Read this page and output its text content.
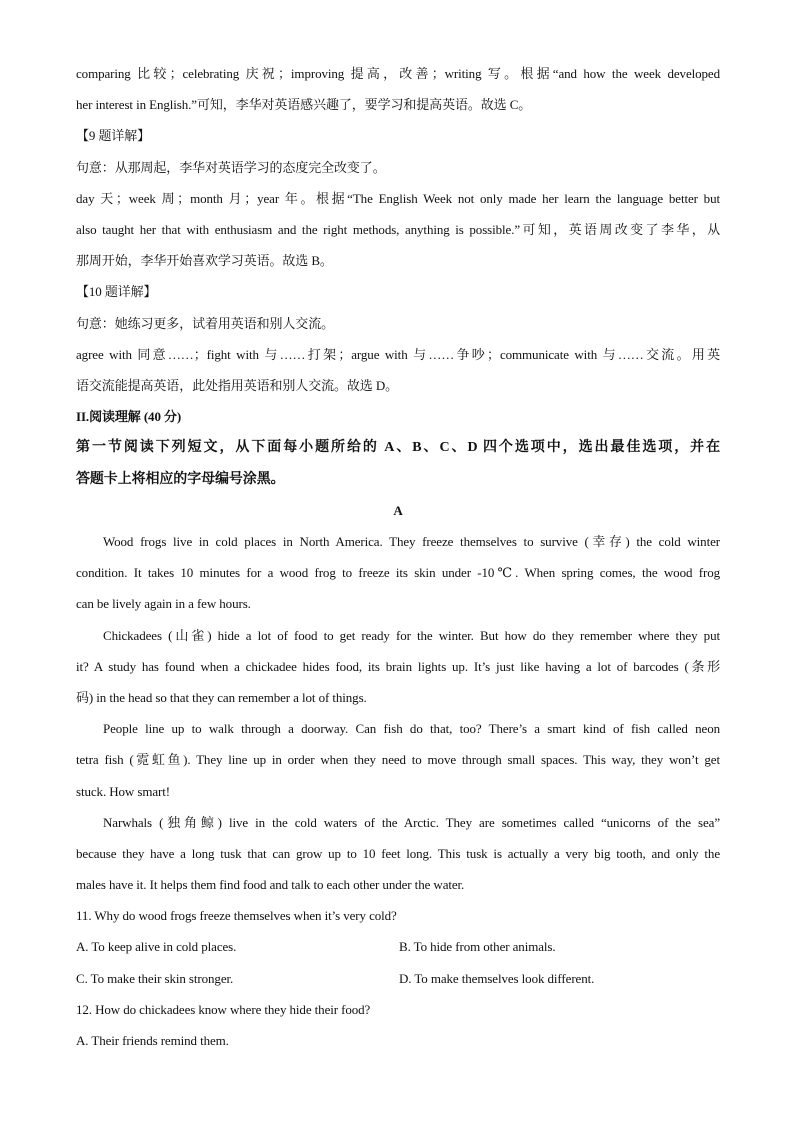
comparing 比较；celebrating 庆祝；improving 提高，改善；writing 写。根据“and how the week developed
her interest in English.”可知，李华对英语感兴趣了，要学习和提高英语。故选 C。
【9 题详解】
句意：从那周起，李华对英语学习的态度完全改变了。
day 天；week 周；month 月；year 年。根据“The English Week not only made her learn the language better but
also taught her that with enthusiasm and the right methods, anything is possible.”可知，英语周改变了李华，从
那周开始，李华开始喜欢学习英语。故选 B。
【10 题详解】
句意：她练习更多，试着用英语和别人交流。
agree with 同意……；fight with 与……打架；argue with 与……争吵；communicate with 与……交流。用英
语交流能提高英语，此处指用英语和别人交流。故选 D。
II.阅读理解 (40 分)
第一节阅读下列短文，从下面每小题所给的 A、B、C、D 四个选项中，选出最佳选项，并在
答题卡上将相应的字母编号涂黑。
A
Wood frogs live in cold places in North America. They freeze themselves to survive (幸存) the cold winter
condition. It takes 10 minutes for a wood frog to freeze its skin under -10℃. When spring comes, the wood frog
can be lively again in a few hours.
Chickadees (山雀) hide a lot of food to get ready for the winter. But how do they remember where they put
it? A study has found when a chickadee hides food, its brain lights up. It’s just like having a lot of barcodes (条形
码) in the head so that they can remember a lot of things.
People line up to walk through a doorway. Can fish do that, too? There’s a smart kind of fish called neon
tetra fish (霓虹鱼). They line up in order when they need to move through small spaces. This way, they won’t get
stuck. How smart!
Narwhals (独角鲸) live in the cold waters of the Arctic. They are sometimes called “unicorns of the sea”
because they have a long tusk that can grow up to 10 feet long. This tusk is actually a very big tooth, and only the
males have it. It helps them find food and talk to each other under the water.
11. Why do wood frogs freeze themselves when it’s very cold?
A. To keep alive in cold places.	B. To hide from other animals.
C. To make their skin stronger.	D. To make themselves look different.
12. How do chickadees know where they hide their food?
A. Their friends remind them.
